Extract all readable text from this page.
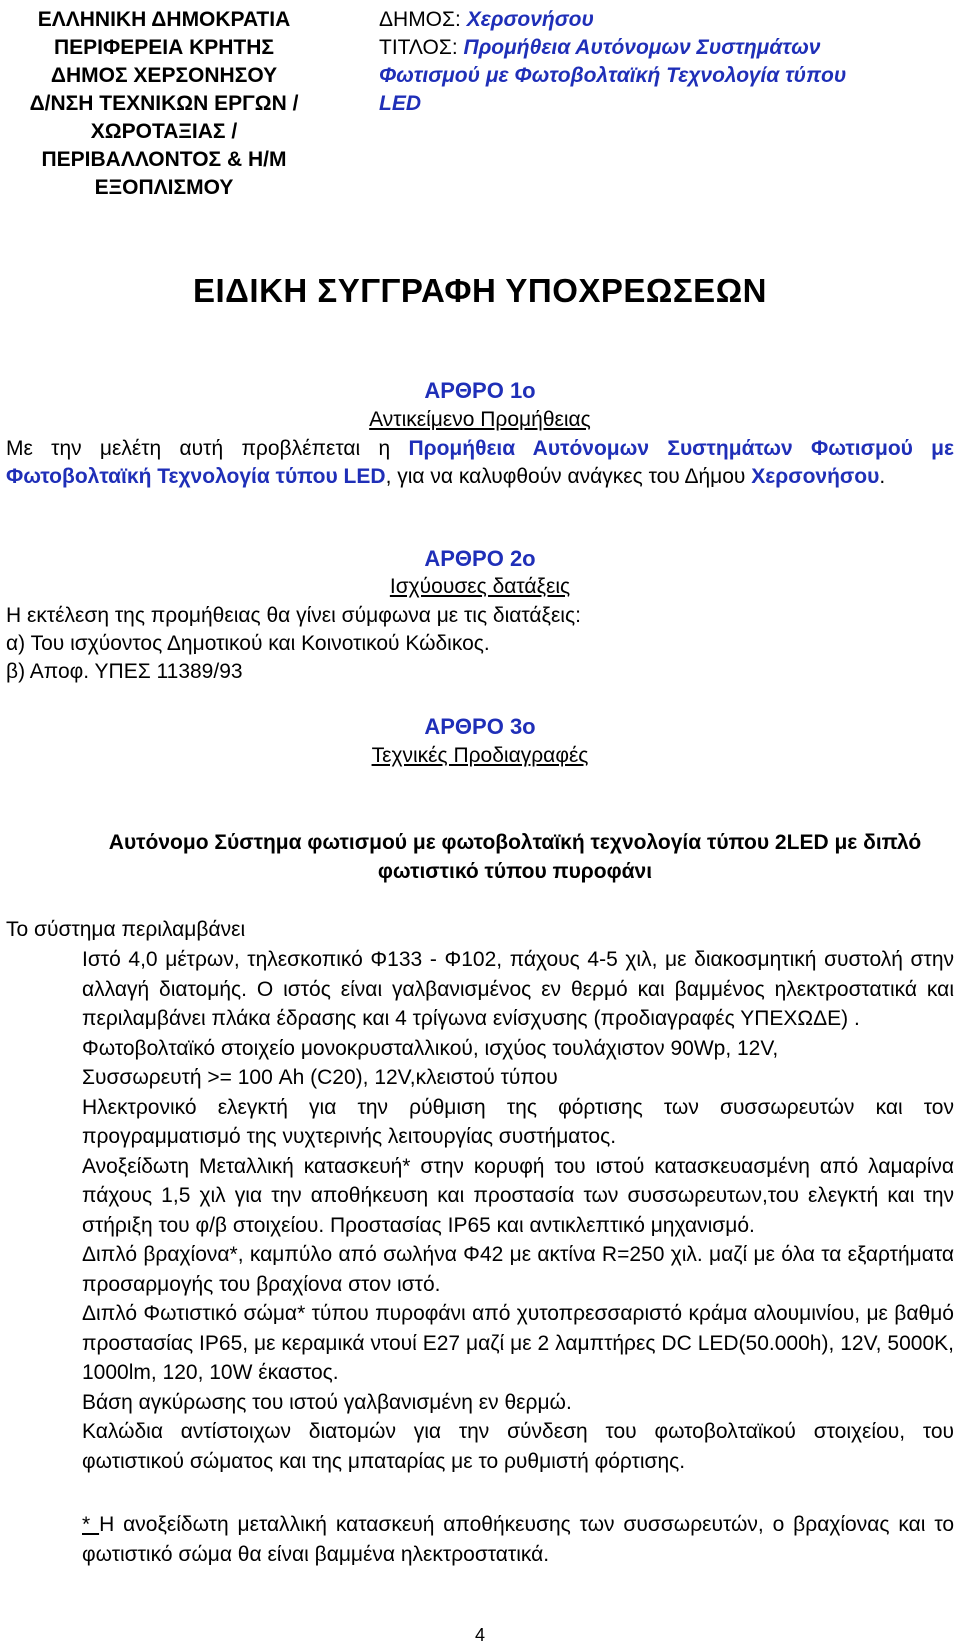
ΕΛΛΗΝΙΚΗ ΔΗΜΟΚΡΑΤΙΑ
ΠΕΡΙΦΕΡΕΙΑ ΚΡΗΤΗΣ
ΔΗΜΟΣ ΧΕΡΣΟΝΗΣΟΥ
Δ/ΝΣΗ ΤΕΧΝΙΚΩΝ ΕΡΓΩΝ /
ΧΩΡΟΤΑΞΙΑΣ /
ΠΕΡΙΒΑΛΛΟΝΤΟΣ & Η/Μ
ΕΞΟΠΛΙΣΜΟΥ
ΔΗΜΟΣ: Χερσονήσου
ΤΙΤΛΟΣ: Προμήθεια Αυτόνομων Συστημάτων
Φωτισμού με Φωτοβολταϊκή Τεχνολογία τύπου
LED
ΕΙΔΙΚΗ ΣΥΓΓΡΑΦΗ ΥΠΟΧΡΕΩΣΕΩΝ
ΑΡΘΡΟ 1ο
Αντικείμενο Προμήθειας
Με την μελέτη αυτή προβλέπεται η Προμήθεια Αυτόνομων Συστημάτων Φωτισμού με Φωτοβολταϊκή Τεχνολογία τύπου LED, για να καλυφθούν ανάγκες του Δήμου Χερσονήσου.
ΑΡΘΡΟ 2ο
Ισχύουσες δατάξεις
Η εκτέλεση της προμήθειας θα γίνει σύμφωνα με τις διατάξεις:
α) Του ισχύοντος Δημοτικού και Κοινοτικού Κώδικος.
β) Αποφ. ΥΠΕΣ 11389/93
ΑΡΘΡΟ 3ο
Τεχνικές Προδιαγραφές
Αυτόνομο Σύστημα φωτισμού με φωτοβολταϊκή τεχνολογία τύπου 2LED με διπλό
φωτιστικό τύπου πυροφάνι
Το σύστημα περιλαμβάνει

Ιστό 4,0 μέτρων, τηλεσκοπικό Φ133 - Φ102, πάχους 4-5 χιλ, με διακοσμητική συστολή στην αλλαγή διατομής. Ο ιστός είναι γαλβανισμένος εν θερμό και βαμμένος ηλεκτροστατικά και περιλαμβάνει πλάκα έδρασης και 4 τρίγωνα ενίσχυσης (προδιαγραφές ΥΠΕΧΩΔΕ) .

Φωτοβολταϊκό στοιχείο μονοκρυσταλλικού, ισχύος τουλάχιστον 90Wp, 12V,

Συσσωρευτή >= 100 Ah (C20), 12V,κλειστού τύπου

Ηλεκτρονικό ελεγκτή για την ρύθμιση της φόρτισης των συσσωρευτών και τον προγραμματισμό της νυχτερινής λειτουργίας συστήματος.

Ανοξείδωτη Μεταλλική κατασκευή* στην κορυφή του ιστού κατασκευασμένη από λαμαρίνα πάχους 1,5 χιλ για την αποθήκευση και προστασία των συσσωρευτων,του ελεγκτή και την στήριξη του φ/β στοιχείου. Προστασίας IP65 και αντικλεπτικό μηχανισμό.

Διπλό βραχίονα*, καμπύλο από σωλήνα Φ42 με ακτίνα R=250 χιλ. μαζί με όλα τα εξαρτήματα προσαρμογής του βραχίονα στον ιστό.

Διπλό Φωτιστικό σώμα* τύπου πυροφάνι από χυτοπρεσσαριστό κράμα αλουμινίου, με βαθμό προστασίας IP65, με κεραμικά ντουί Ε27 μαζί με 2 λαμπτήρες DC LED(50.000h), 12V, 5000K, 1000lm, 120, 10W έκαστος.

Βάση αγκύρωσης του ιστού γαλβανισμένη εν θερμώ.

Καλώδια αντίστοιχων διατομών για την σύνδεση του φωτοβολταϊκού στοιχείου, του φωτιστικού σώματος και της μπαταρίας με το ρυθμιστή φόρτισης.

* Η ανοξείδωτη μεταλλική κατασκευή αποθήκευσης των συσσωρευτών, ο βραχίονας και το φωτιστικό σώμα θα είναι βαμμένα ηλεκτροστατικά.
4
